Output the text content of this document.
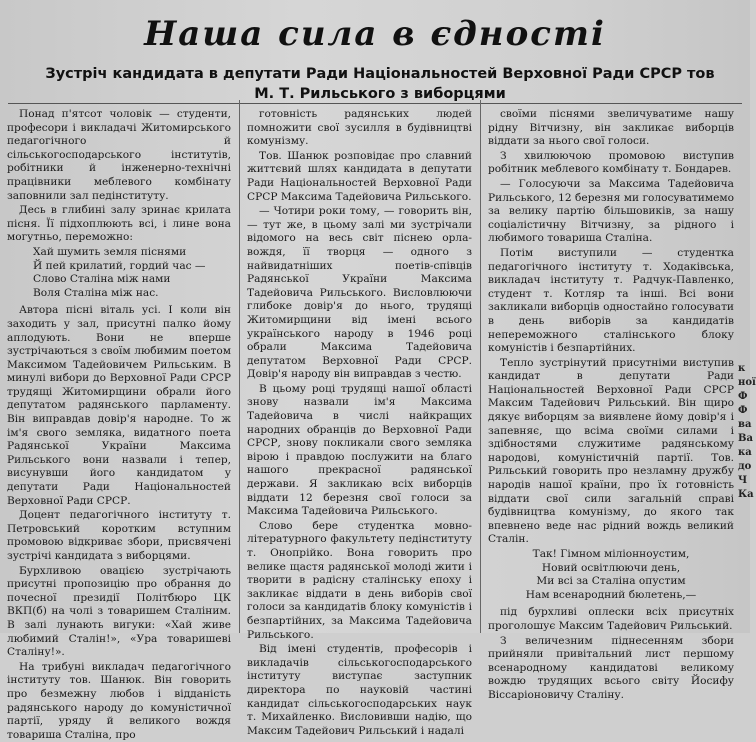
Наша сила в єдності
Зустріч кандидата в депутати Ради Національностей Верховної Ради СРСР тов М. Т. Рильського з виборцями

Понад п'ятсот чоловік — студенти, професори і викладачі Житомирського педагогічного й сільськогосподарського інститутів, робітники й інженерно-технічні працівники меблевого комбінату заповнили зал педінституту.

Десь в глибині залу зринає крилата пісня. Її підхоплюють всі, і лине вона могутньо, переможно:

Хай шумить земля піснями
Й пей крилатий, гордий час —
Слово Сталіна між нами
Воля Сталіна між нас.

Автора пісні віталь усі. І коли він заходить у зал, присутні палко йому аплодують. Вони не вперше зустрічаються з своїм любимим поетом Максимом Тадейовичем Рильським. В минулі вибори до Верховної Ради СРСР трудящі Житомирщини обрали його депутатом радянського парламенту. Він виправдав довір'я народне. То ж ім'я свого земляка, видатного поета Радянської України Максима Рильського вони назвали і тепер, висунувши його кандидатом у депутати Ради Національностей Верховної Ради СРСР.

Доцент педагогічного інституту т. Петровський коротким вступним промовою відкриває збори, присвячені зустрічі кандидата з виборцями.

Бурхливою овацією зустрічають присутні пропозицію про обрання до почесної президії Політбюро ЦК ВКП(б) на чолі з товаришем Сталіним. В залі лунають вигуки: «Хай живе любимий Сталін!», «Ура товаришеві Сталіну!».

На трибуні викладач педагогічного інституту тов. Шанюк. Він говорить про безмежну любов і відданість радянського народу до комуністичної партії, уряду й великого вождя товариша Сталіна, про

готовність радянських людей помножити свої зусилля в будівництві комунізму.

Тов. Шанюк розповідає про славний життєвий шлях кандидата в депутати Ради Національностей Верховної Ради СРСР Максима Тадейовича Рильського.

— Чотири роки тому, — говорить він, — тут же, в цьому залі ми зустрічали відомого на весь світ піснею орла-вождя, її творця — одного з найвидатніших поетів-співців Радянської України Максима Тадейовича Рильського. Висловлюючи глибоке довір'я до нього, трудящі Житомирщини від імені всього українського народу в 1946 році обрали Максима Тадейовича депутатом Верховної Ради СРСР. Довір'я народу він виправдав з честю.

В цьому році трудящі нашої області знову назвали ім'я Максима Тадейовича в числі найкращих народних обранців до Верховної Ради СРСР, знову покликали свого земляка вірою і правдою послужити на благо нашого прекрасної радянської держави. Я закликаю всіх виборців віддати 12 березня свої голоси за Максима Тадейовича Рильського.

Слово бере студентка мовно-літературного факультету педінституту т. Онопрійко. Вона говорить про велике щастя радянської молоді жити і творити в радісну сталінську епоху і закликає віддати в день виборів свої голоси за кандидатів блоку комуністів і безпартійних, за Максима Тадейовича Рильського.

Від імені студентів, професорів і викладачів сільськогосподарського інституту виступає заступник директора по науковій частині кандидат сільськогосподарських наук т. Михайленко. Висловивши надію, що Максим Тадейович Рильський і надалі

своїми піснями звеличуватиме нашу рідну Вітчизну, він закликає виборців віддати за нього свої голоси.

З хвилюючою промовою виступив робітник меблевого комбінату т. Бондарев.

— Голосуючи за Максима Тадейовича Рильського, 12 березня ми голосуватимемо за велику партію більшовиків, за нашу соціалістичну Вітчизну, за рідного і любимого товариша Сталіна.

Потім виступили — студентка педагогічного інституту т. Ходаківська, викладач інституту т. Радчук-Павленко, студент т. Котляр та інші. Всі вони закликали виборців одностайно голосувати в день виборів за кандидатів непереможного сталінського блоку комуністів і безпартійних.

Тепло зустрінутий присутніми виступив кандидат в депутати Ради Національностей Верховної Ради СРСР Максим Тадейович Рильський. Він щиро дякує виборцям за виявлене йому довір'я і запевняє, що всіма своїми силами і здібностями служитиме радянському народові, комуністичній партії. Тов. Рильський говорить про незламну дружбу народів нашої країни, про їх готовність віддати свої сили загальній справі будівництва комунізму, до якого так впевнено веде нас рідний вождь великий Сталін.

Так! Гімном міліонноустим,
Новий освітлюючи день,
Ми всі за Сталіна опустим
Нам всенародний бюлетень,—

під бурхливі оплески всіх присутніх проголошує Максим Тадейович Рильський.

З величезним піднесенням збори прийняли привітальний лист першому всенародному кандидатові великому вождю трудящих всього світу Йосифу Віссаріоновичу Сталіну.

к
ної
Ф
Ф
ва
Ва
ка
до
Ч
Ка
